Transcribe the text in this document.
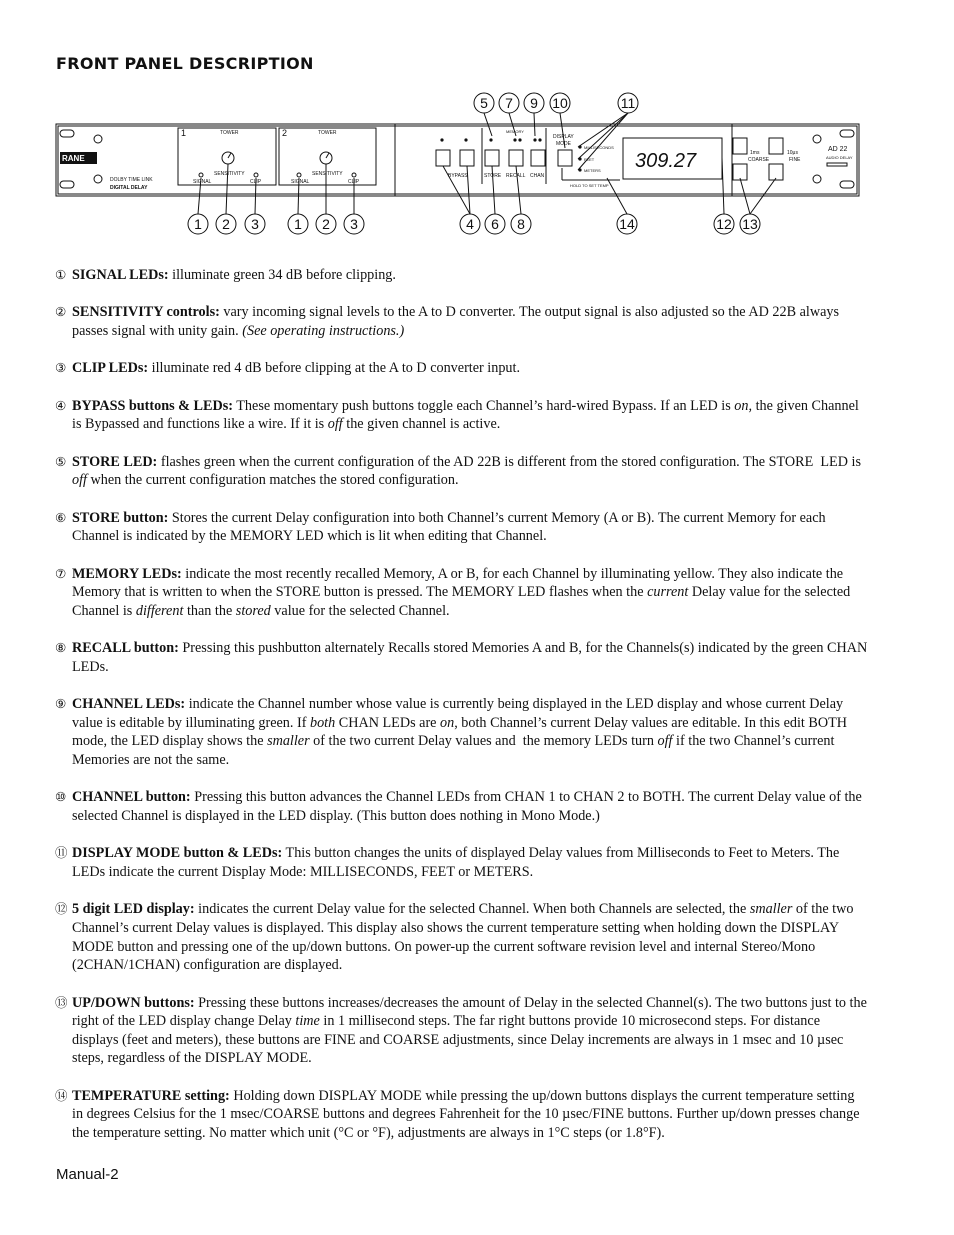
FRONT PANEL DESCRIPTION
5 7 9 10	11
1 2 3	1 2 3	4 6 8	14	12 13
RANE
DOLBY TIME LINK
DIGITAL DELAY
1	2
TOWER	TOWER
SENSITIVITY	SENSITIVITY
SIGNAL	CLIP	SIGNAL	CLIP
BYPASS	STORE RECALL CHAN
MEMORY
DISPLAY
MODE
MILLISECONDS
FEET
METERS
HOLD TO SET TEMP
309.27	1ms
COARSE
10μs
FINE
AD 22
AUDIO DELAY
① SIGNAL LEDs: illuminate green 34 dB before clipping.
② SENSITIVITY controls: vary incoming signal levels to the A to D converter. The output signal is also adjusted so the AD 22B always passes signal with unity gain. (See operating instructions.)
③ CLIP LEDs: illuminate red 4 dB before clipping at the A to D converter input.
④ BYPASS buttons & LEDs: These momentary push buttons toggle each Channel’s hard-wired Bypass. If an LED is on, the given Channel is Bypassed and functions like a wire. If it is off the given channel is active.
⑤ STORE LED: flashes green when the current configuration of the AD 22B is different from the stored configuration. The STORE  LED is off when the current configuration matches the stored configuration.
⑥ STORE button: Stores the current Delay configuration into both Channel’s current Memory (A or B). The current Memory for each Channel is indicated by the MEMORY LED which is lit when editing that Channel.
⑦ MEMORY LEDs: indicate the most recently recalled Memory, A or B, for each Channel by illuminating yellow. They also indicate the Memory that is written to when the STORE button is pressed. The MEMORY LED flashes when the current Delay value for the selected Channel is different than the stored value for the selected Channel.
⑧ RECALL button: Pressing this pushbutton alternately Recalls stored Memories A and B, for the Channels(s) indicated by the green CHAN LEDs.
⑨ CHANNEL LEDs: indicate the Channel number whose value is currently being displayed in the LED display and whose current Delay value is editable by illuminating green. If both CHAN LEDs are on, both Channel’s current Delay values are editable. In this edit BOTH mode, the LED display shows the smaller of the two current Delay values and  the memory LEDs turn off if the two Channel’s current Memories are not the same.
⑩ CHANNEL button: Pressing this button advances the Channel LEDs from CHAN 1 to CHAN 2 to BOTH. The current Delay value of the selected Channel is displayed in the LED display. (This button does nothing in Mono Mode.)
⑪ DISPLAY MODE button & LEDs: This button changes the units of displayed Delay values from Milliseconds to Feet to Meters. The LEDs indicate the current Display Mode: MILLISECONDS, FEET or METERS.
⑫ 5 digit LED display: indicates the current Delay value for the selected Channel. When both Channels are selected, the smaller of the two Channel’s current Delay values is displayed. This display also shows the current temperature setting when holding down the DISPLAY MODE button and pressing one of the up/down buttons. On power-up the current software revision level and internal Stereo/Mono (2CHAN/1CHAN) configuration are displayed.
⑬ UP/DOWN buttons: Pressing these buttons increases/decreases the amount of Delay in the selected Channel(s). The two buttons just to the right of the LED display change Delay time in 1 millisecond steps. The far right buttons provide 10 microsecond steps. For distance displays (feet and meters), these buttons are FINE and COARSE adjustments, since Delay increments are always in 1 msec and 10 µsec steps, regardless of the DISPLAY MODE.
⑭ TEMPERATURE setting: Holding down DISPLAY MODE while pressing the up/down buttons displays the current temperature setting in degrees Celsius for the 1 msec/COARSE buttons and degrees Fahrenheit for the 10 µsec/FINE buttons. Further up/down presses change the temperature setting. No matter which unit (°C or °F), adjustments are always in 1°C steps (or 1.8°F).
Manual-2
